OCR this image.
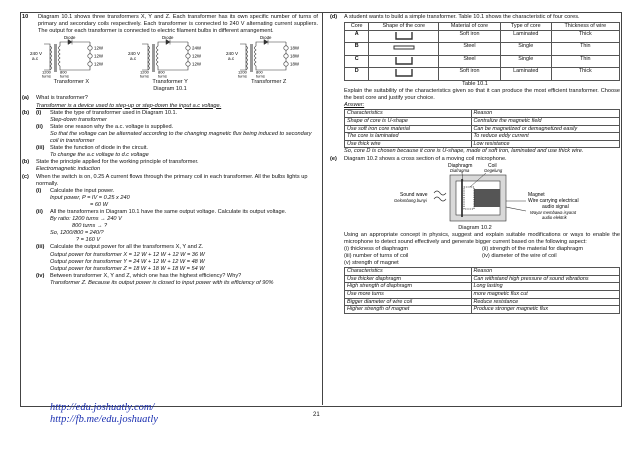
10	Diagram 10.1 shows three transformers X, Y and Z. Each transformer has its own specific number of turns of primary and secondary coils respectively. Each transformer is connected to 240 V alternating current suppliers. The output for each transformer is connected to electric filament bulbs in different arrangement.
240 V
a.c
Diode
12W
12W
12W
1200 800
turns turns
240 V
a.c
Diode
24W
12W
12W
1200 800
turns turns
240 V
a.c
Diode
18W
18W
18W
1200 800
turns turns
Transformer X	Transformer Y	Transformer Z
Diagram 10.1
(a)	What is transformer?
Transformer is a device used to step-up or step-down the input a.c voltage.
(b)	(i)	State the type of transformer used in Diagram 10.1.
Step-down transformer
(ii)	State one reason why the a.c. voltage is supplied.
So that the voltage can be alternated according to the changing magnetic flux being induced to secondary coil in transformer
(iii)	State the function of diode in the circuit.
To change the a.c voltage to d.c voltage
(b)	State the principle applied for the working principle of transformer.
Electromagnetic induction
(c)	When the switch is on, 0.25 A current flows through the primary coil in each transformer. All the bulbs lights up normally.
(i)	Calculate the input power.
Input power, P = IV = 0.25 x 240
= 60 W
(ii)	All the transformers in Diagram 10.1 have the same output voltage. Calculate its output voltage.
By ratio: 1200 turns → 240 V
800 turns → ?
So, 1200/800 = 240/?
? = 160 V
(iii)	Calculate the output power for all the transformers X, Y and Z.
Output power for transformer X = 12 W + 12 W + 12 W = 36 W
Output power for transformer Y = 24 W + 12 W + 12 W = 48 W
Output power for transformer Z = 18 W + 18 W + 18 W = 54 W
(iv)	Between transformer X, Y and Z, which one has the highest efficiency? Why?
Transformer Z. Because its output power is closed to input power with its efficiency of 90%
(d)	A student wants to build a simple transformer. Table 10.1 shows the characteristic of four cores.
Core	Shape of the core	Material of core	Type of core	Thickness of wire
A		Soft iron	Laminated	Thick
B		Steel	Single	Thin
C		Steel	Single	Thin
D		Soft iron	Laminated	Thick
Table 10.1
Explain the suitability of the characteristics given so that it can produce the most efficient transformer. Choose the best core and justify your choice.
Answer:
Characteristics	Reason
Shape of core is U-shape	Centralize the magnetic field
Use soft iron core material	Can be magnetized or demagnetized easily
The core is laminated	To reduce eddy current
Use thick wire	Low resistance
So, core D is chosen because it core is U-shape, made of soft iron, laminated and use thick wire.
(e)	Diagram 10.2 shows a cross section of a moving coil microphone.
Diaphragm
Diafragma
Coil
Gegelung
Sound wave
Gelombang bunyi
Magnet
Wire carrying electrical
audio signal
Wayar membawa isyarat
audio elektrik
Diagram 10.2
Using an appropriate concept in physics, suggest and explain suitable modifications or ways to enable the microphone to detect sound effectively and generate bigger current based on the following aspect:
(i) thickness of diaphragm	(ii) strength of the material for diaphragm
(iii) number of turns of coil	(iv) diameter of the wire of coil
(v) strength of magnet
Characteristics	Reason
Use thicker diaphragm	Can withstand high pressure of sound vibrations
High strength of diaphragm	Long lasting
Use more turns	more magnetic flux cut
Bigger diameter of wire coil	Reduce resistance
Higher strength of magnet	Produce stronger magnetic flux
http://edu.joshuatly.com/
http://fb.me/edu.joshuatly	21
